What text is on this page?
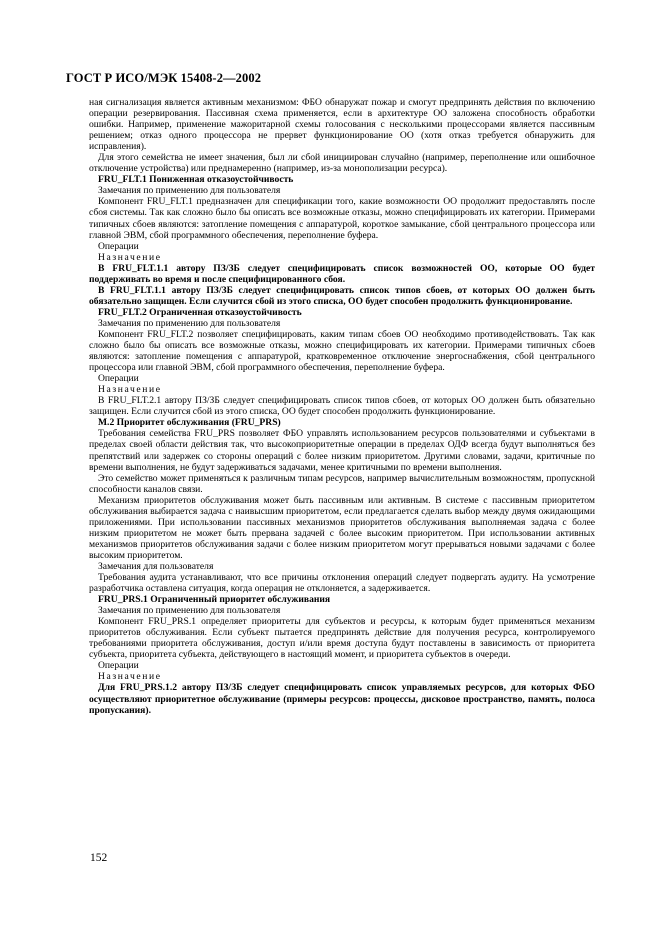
ГОСТ Р ИСО/МЭК 15408-2—2002

ная сигнализация является активным механизмом: ФБО обнаружат пожар и смогут предпринять действия по включению операции резервирования. Пассивная схема применяется, если в архитектуре ОО заложена способность обработки ошибки. Например, применение мажоритарной схемы голосования с несколькими процессорами является пассивным решением; отказ одного процессора не прервет функционирование ОО (хотя отказ требуется обнаружить для исправления).

Для этого семейства не имеет значения, был ли сбой инициирован случайно (например, переполнение или ошибочное отключение устройства) или преднамеренно (например, из-за монополизации ресурса).

FRU_FLT.1 Пониженная отказоустойчивость

Замечания по применению для пользователя

Компонент FRU_FLT.1 предназначен для спецификации того, какие возможности ОО продолжит предоставлять после сбоя системы. Так как сложно было бы описать все возможные отказы, можно специфицировать их категории. Примерами типичных сбоев являются: затопление помещения с аппаратурой, короткое замыкание, сбой центрального процессора или главной ЭВМ, сбой программного обеспечения, переполнение буфера.

Операции

Назначение

В FRU_FLT.1.1 автору ПЗ/ЗБ следует специфицировать список возможностей ОО, которые ОО будет поддерживать во время и после специфицированного сбоя.

В FRU_FLT.1.1 автору ПЗ/ЗБ следует специфицировать список типов сбоев, от которых ОО должен быть обязательно защищен. Если случится сбой из этого списка, ОО будет способен продолжить функционирование.

FRU_FLT.2 Ограниченная отказоустойчивость

Замечания по применению для пользователя

Компонент FRU_FLT.2 позволяет специфицировать, каким типам сбоев ОО необходимо противодействовать. Так как сложно было бы описать все возможные отказы, можно специфицировать их категории. Примерами типичных сбоев являются: затопление помещения с аппаратурой, кратковременное отключение энергоснабжения, сбой центрального процессора или главной ЭВМ, сбой программного обеспечения, переполнение буфера.

Операции

Назначение

В FRU_FLT.2.1 автору ПЗ/ЗБ следует специфицировать список типов сбоев, от которых ОО должен быть обязательно защищен. Если случится сбой из этого списка, ОО будет способен продолжить функционирование.

М.2 Приоритет обслуживания (FRU_PRS)

Требования семейства FRU_PRS позволяет ФБО управлять использованием ресурсов пользователями и субъектами в пределах своей области действия так, что высокоприоритетные операции в пределах ОДФ всегда будут выполняться без препятствий или задержек со стороны операций с более низким приоритетом. Другими словами, задачи, критичные по времени выполнения, не будут задерживаться задачами, менее критичными по времени выполнения.

Это семейство может применяться к различным типам ресурсов, например вычислительным возможностям, пропускной способности каналов связи.

Механизм приоритетов обслуживания может быть пассивным или активным. В системе с пассивным приоритетом обслуживания выбирается задача с наивысшим приоритетом, если предлагается сделать выбор между двумя ожидающими приложениями. При использовании пассивных механизмов приоритетов обслуживания выполняемая задача с более низким приоритетом не может быть прервана задачей с более высоким приоритетом. При использовании активных механизмов приоритетов обслуживания задачи с более низким приоритетом могут прерываться новыми задачами с более высоким приоритетом.

Замечания для пользователя

Требования аудита устанавливают, что все причины отклонения операций следует подвергать аудиту. На усмотрение разработчика оставлена ситуация, когда операция не отклоняется, а задерживается.

FRU_PRS.1 Ограниченный приоритет обслуживания

Замечания по применению для пользователя

Компонент FRU_PRS.1 определяет приоритеты для субъектов и ресурсы, к которым будет применяться механизм приоритетов обслуживания. Если субъект пытается предпринять действие для получения ресурса, контролируемого требованиями приоритета обслуживания, доступ и/или время доступа будут поставлены в зависимость от приоритета субъекта, приоритета субъекта, действующего в настоящий момент, и приоритета субъектов в очереди.

Операции

Назначение

Для FRU_PRS.1.2 автору ПЗ/ЗБ следует специфицировать список управляемых ресурсов, для которых ФБО осуществляют приоритетное обслуживание (примеры ресурсов: процессы, дисковое пространство, память, полоса пропускания).

152
